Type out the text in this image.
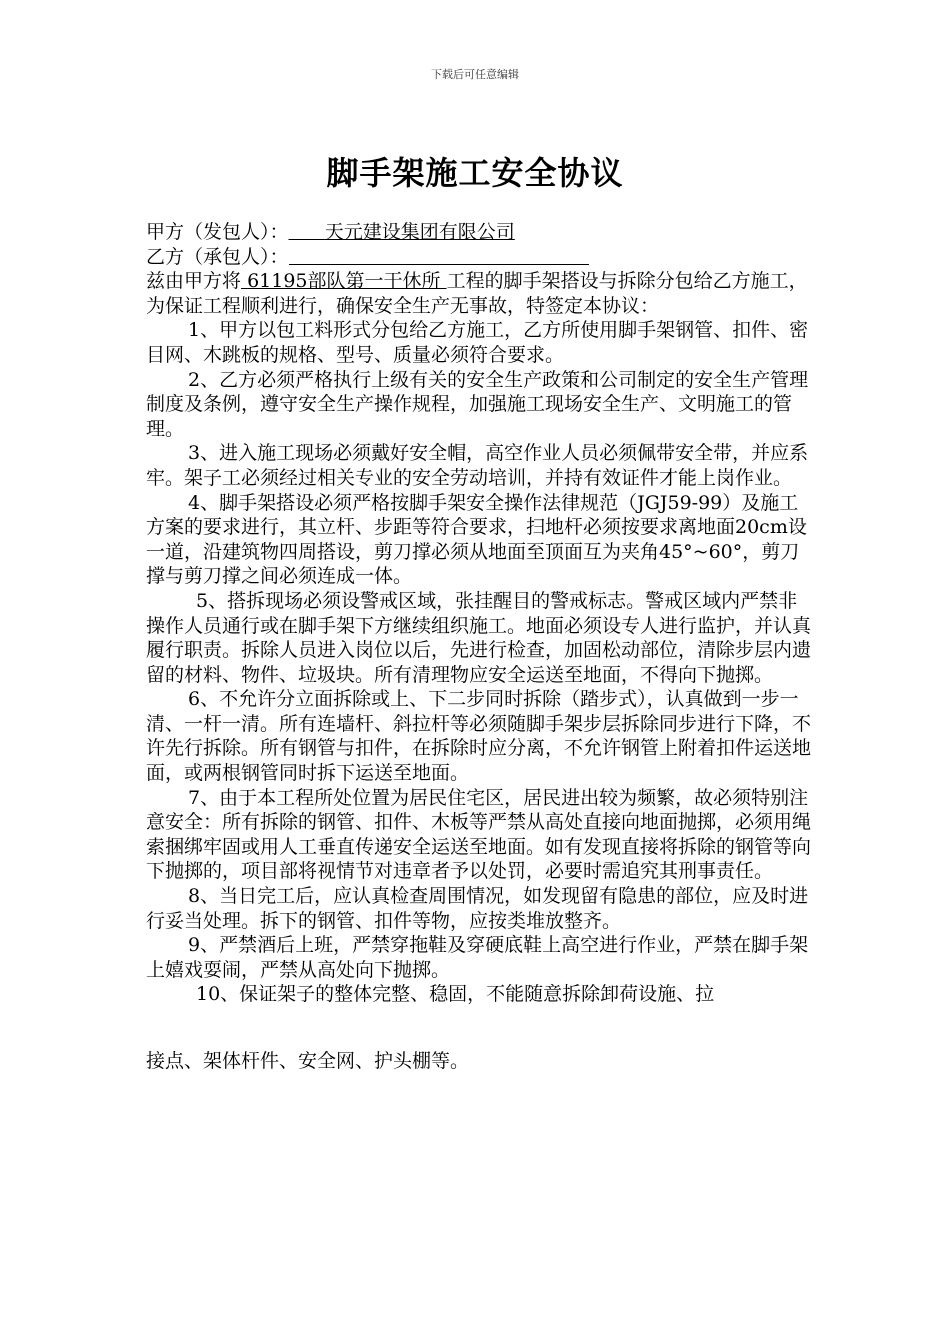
下载后可任意编辑
脚手架施工安全协议

甲方（发包人）： 天元建设集团有限公司

乙方（承包人）：

兹由甲方将 61195部队第一干休所 工程的脚手架搭设与拆除分包给乙方施工，为保证工程顺利进行，确保安全生产无事故，特签定本协议：

1、甲方以包工料形式分包给乙方施工，乙方所使用脚手架钢管、扣件、密目网、木跳板的规格、型号、质量必须符合要求。

2、乙方必须严格执行上级有关的安全生产政策和公司制定的安全生产管理制度及条例，遵守安全生产操作规程，加强施工现场安全生产、文明施工的管理。

3、进入施工现场必须戴好安全帽，高空作业人员必须佩带安全带，并应系牢。架子工必须经过相关专业的安全劳动培训，并持有效证件才能上岗作业。

4、脚手架搭设必须严格按脚手架安全操作法律规范（JGJ59-99）及施工方案的要求进行，其立杆、步距等符合要求，扫地杆必须按要求离地面20cm设一道，沿建筑物四周搭设，剪刀撑必须从地面至顶面互为夹角45°~60°，剪刀撑与剪刀撑之间必须连成一体。

5、搭拆现场必须设警戒区域，张挂醒目的警戒标志。警戒区域内严禁非操作人员通行或在脚手架下方继续组织施工。地面必须设专人进行监护，并认真履行职责。拆除人员进入岗位以后，先进行检查，加固松动部位，清除步层内遗留的材料、物件、垃圾块。所有清理物应安全运送至地面，不得向下抛掷。

6、不允许分立面拆除或上、下二步同时拆除（踏步式），认真做到一步一清、一杆一清。所有连墙杆、斜拉杆等必须随脚手架步层拆除同步进行下降，不许先行拆除。所有钢管与扣件，在拆除时应分离，不允许钢管上附着扣件运送地面，或两根钢管同时拆下运送至地面。

7、由于本工程所处位置为居民住宅区，居民进出较为频繁，故必须特别注意安全：所有拆除的钢管、扣件、木板等严禁从高处直接向地面抛掷，必须用绳索捆绑牢固或用人工垂直传递安全运送至地面。如有发现直接将拆除的钢管等向下抛掷的，项目部将视情节对违章者予以处罚，必要时需追究其刑事责任。

8、当日完工后，应认真检查周围情况，如发现留有隐患的部位，应及时进行妥当处理。拆下的钢管、扣件等物，应按类堆放整齐。

9、严禁酒后上班，严禁穿拖鞋及穿硬底鞋上高空进行作业，严禁在脚手架上嬉戏耍闹，严禁从高处向下抛掷。

10、保证架子的整体完整、稳固，不能随意拆除卸荷设施、拉

接点、架体杆件、安全网、护头棚等。
